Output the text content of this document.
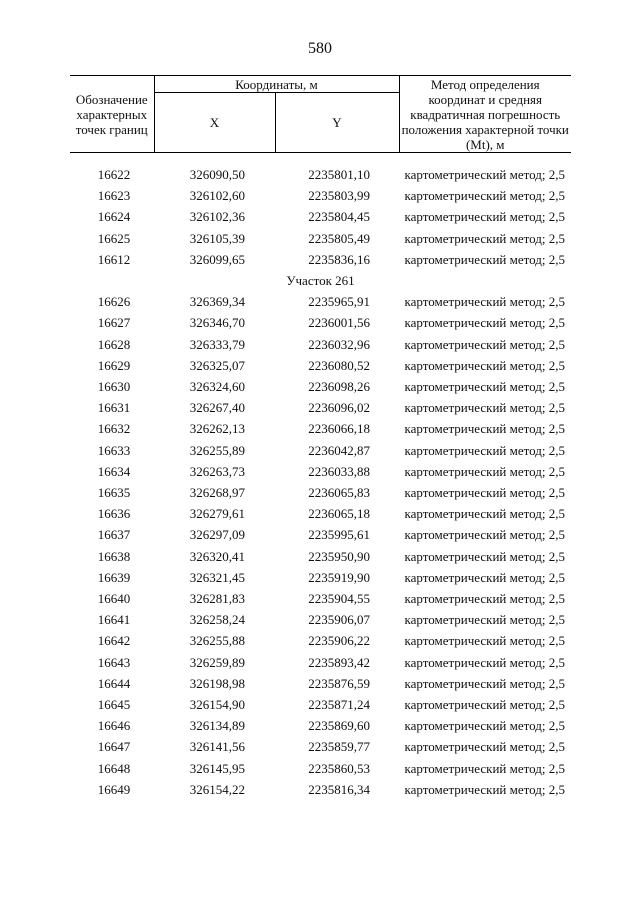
580
Обозначение характерных точек границ	Координаты, м		Метод определения координат и средняя квадратичная погрешность положения характерной точки (Mt), м
	X	Y	

16622	326090,50	2235801,10	картометрический метод; 2,5
16623	326102,60	2235803,99	картометрический метод; 2,5
16624	326102,36	2235804,45	картометрический метод; 2,5
16625	326105,39	2235805,49	картометрический метод; 2,5
16612	326099,65	2235836,16	картометрический метод; 2,5
Участок 261			
16626	326369,34	2235965,91	картометрический метод; 2,5
16627	326346,70	2236001,56	картометрический метод; 2,5
16628	326333,79	2236032,96	картометрический метод; 2,5
16629	326325,07	2236080,52	картометрический метод; 2,5
16630	326324,60	2236098,26	картометрический метод; 2,5
16631	326267,40	2236096,02	картометрический метод; 2,5
16632	326262,13	2236066,18	картометрический метод; 2,5
16633	326255,89	2236042,87	картометрический метод; 2,5
16634	326263,73	2236033,88	картометрический метод; 2,5
16635	326268,97	2236065,83	картометрический метод; 2,5
16636	326279,61	2236065,18	картометрический метод; 2,5
16637	326297,09	2235995,61	картометрический метод; 2,5
16638	326320,41	2235950,90	картометрический метод; 2,5
16639	326321,45	2235919,90	картометрический метод; 2,5
16640	326281,83	2235904,55	картометрический метод; 2,5
16641	326258,24	2235906,07	картометрический метод; 2,5
16642	326255,88	2235906,22	картометрический метод; 2,5
16643	326259,89	2235893,42	картометрический метод; 2,5
16644	326198,98	2235876,59	картометрический метод; 2,5
16645	326154,90	2235871,24	картометрический метод; 2,5
16646	326134,89	2235869,60	картометрический метод; 2,5
16647	326141,56	2235859,77	картометрический метод; 2,5
16648	326145,95	2235860,53	картометрический метод; 2,5
16649	326154,22	2235816,34	картометрический метод; 2,5
